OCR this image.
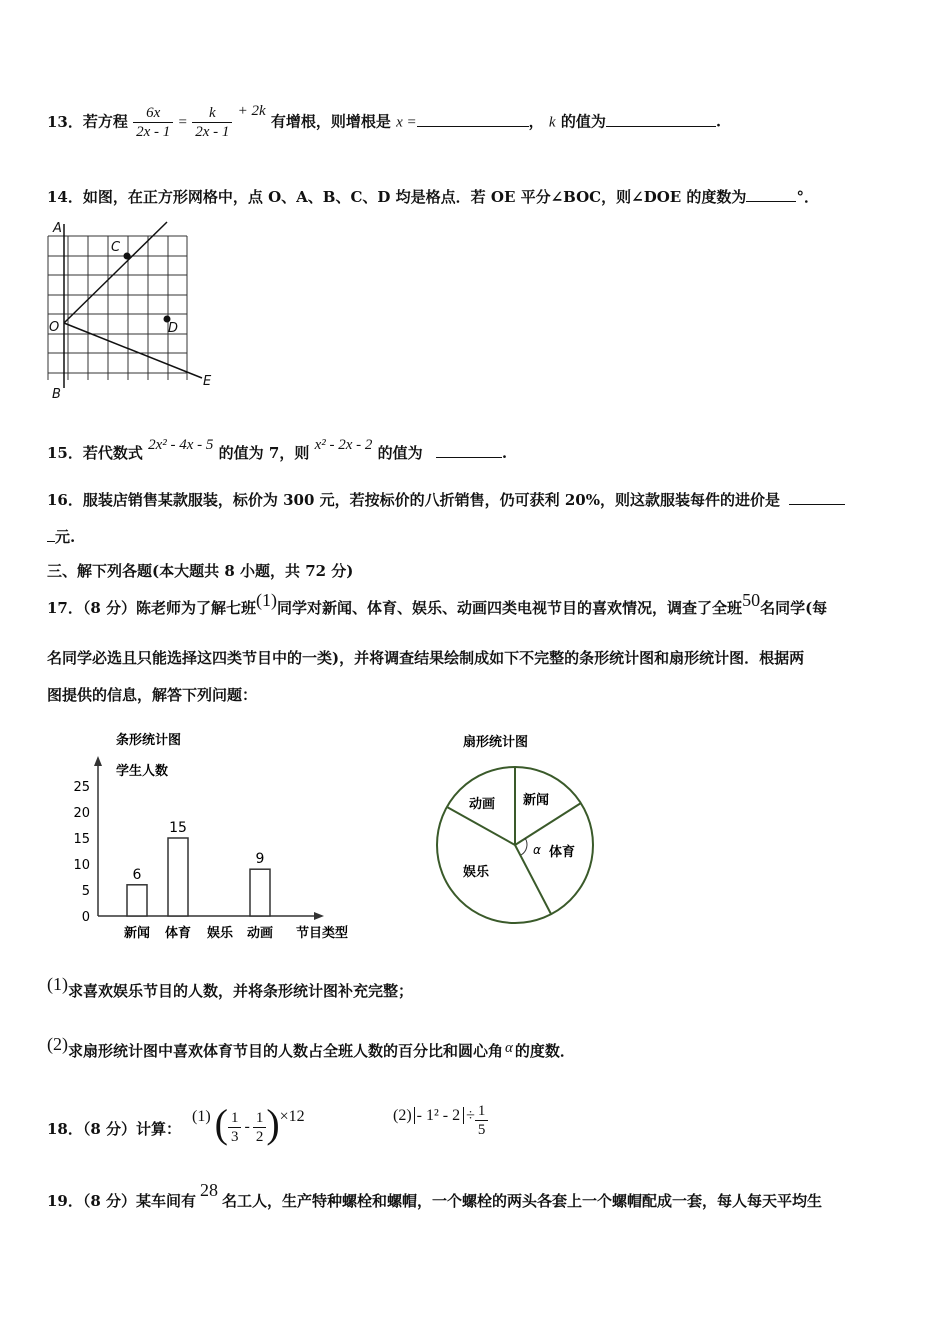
13．若方程 $\frac{6x}{2x - 1} = \frac{k}{2x - 1} + 2k$ 有增根，则增根是 x =	， k 的值为	.
14．如图，在正方形网格中，点 O、A、B、C、D 均是格点．若 OE 平分∠BOC，则∠DOE 的度数为	°．
A
C
O	D
E
B
15．若代数式 2x² - 4x - 5 的值为 7，则 x² - 2x - 2 的值为	.
16．服装店销售某款服装，标价为 300 元，若按标价的八折销售，仍可获利 20%，则这款服装每件的进价是
元.
三、解下列各题(本大题共 8 小题，共 72 分)
17．（8 分）陈老师为了解七班(1)同学对新闻、体育、娱乐、动画四类电视节目的喜欢情况，调查了全班50名同学(每
名同学必选且只能选择这四类节目中的一类)，并将调查结果绘制成如下不完整的条形统计图和扇形统计图．根据两
图提供的信息，解答下列问题：
条形统计图
学生人数
0
5
10
15
20
25
6
15
9
新闻 体育 娱乐 动画 节目类型
扇形统计图
动画 新闻
α 体育
娱乐
(1)求喜欢娱乐节目的人数，并将条形统计图补充完整；
(2)求扇形统计图中喜欢体育节目的人数占全班人数的百分比和圆心角 α 的度数．
18．（8 分）计算：
(1) ( $\frac{1}{3} - \frac{1}{2} )\times 12$	$(2) - 1^2 - 2 \div \frac{1}{5}$
19．（8 分）某车间有28名工人，生产特种螺栓和螺帽，一个螺栓的两头各套上一个螺帽配成一套，每人每天平均生
